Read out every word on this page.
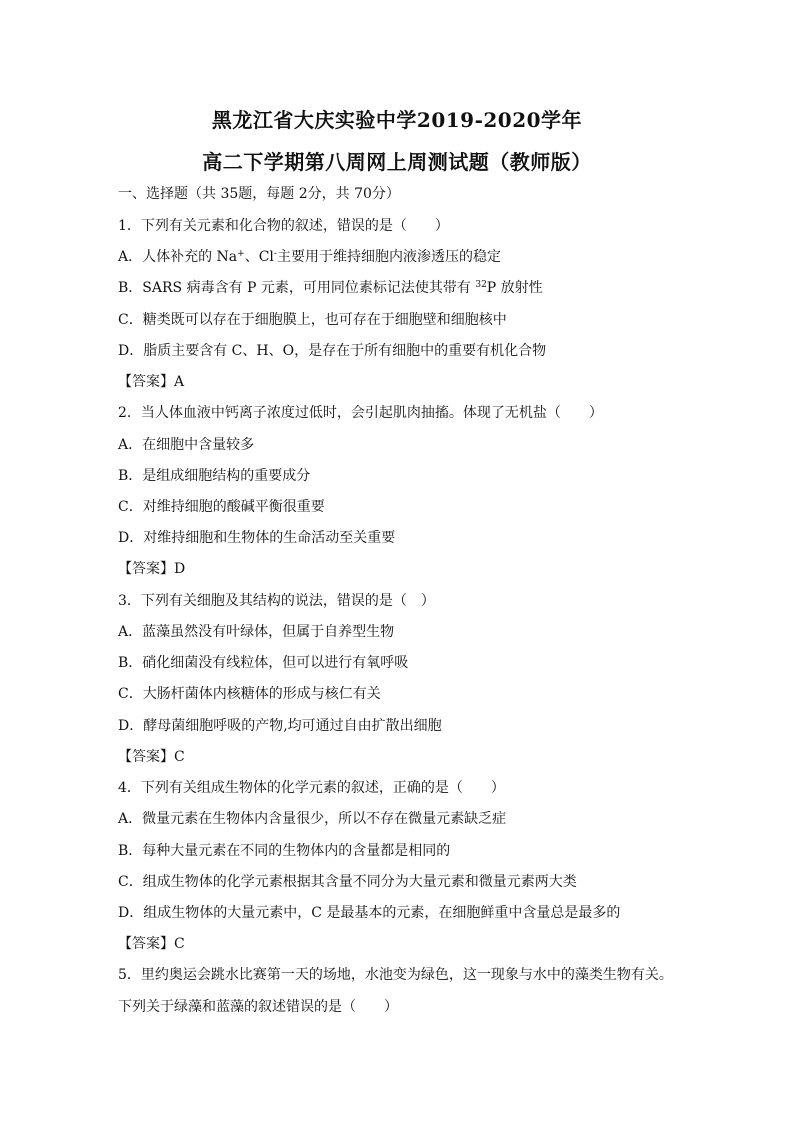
黑龙江省大庆实验中学2019-2020学年
高二下学期第八周网上周测试题（教师版）
一、选择题（共 35题，每题 2分，共 70分）
1．下列有关元素和化合物的叙述，错误的是（　　）
A．人体补充的 Na+、Cl-主要用于维持细胞内液渗透压的稳定
B．SARS 病毒含有 P 元素，可用同位素标记法使其带有 $^{32}$P 放射性
C．糖类既可以存在于细胞膜上，也可存在于细胞壁和细胞核中
D．脂质主要含有 C、H、O，是存在于所有细胞中的重要有机化合物
【答案】A
2．当人体血液中钙离子浓度过低时，会引起肌肉抽搐。体现了无机盐（　　）
A．在细胞中含量较多
B．是组成细胞结构的重要成分
C．对维持细胞的酸碱平衡很重要
D．对维持细胞和生物体的生命活动至关重要
【答案】D
3．下列有关细胞及其结构的说法，错误的是（　）
A．蓝藻虽然没有叶绿体，但属于自养型生物
B．硝化细菌没有线粒体，但可以进行有氧呼吸
C．大肠杆菌体内核糖体的形成与核仁有关
D．酵母菌细胞呼吸的产物,均可通过自由扩散出细胞
【答案】C
4．下列有关组成生物体的化学元素的叙述，正确的是（　　）
A．微量元素在生物体内含量很少，所以不存在微量元素缺乏症
B．每种大量元素在不同的生物体内的含量都是相同的
C．组成生物体的化学元素根据其含量不同分为大量元素和微量元素两大类
D．组成生物体的大量元素中，C 是最基本的元素，在细胞鲜重中含量总是最多的
【答案】C
5．里约奥运会跳水比赛第一天的场地，水池变为绿色，这一现象与水中的藻类生物有关。
下列关于绿藻和蓝藻的叙述错误的是（　　）
